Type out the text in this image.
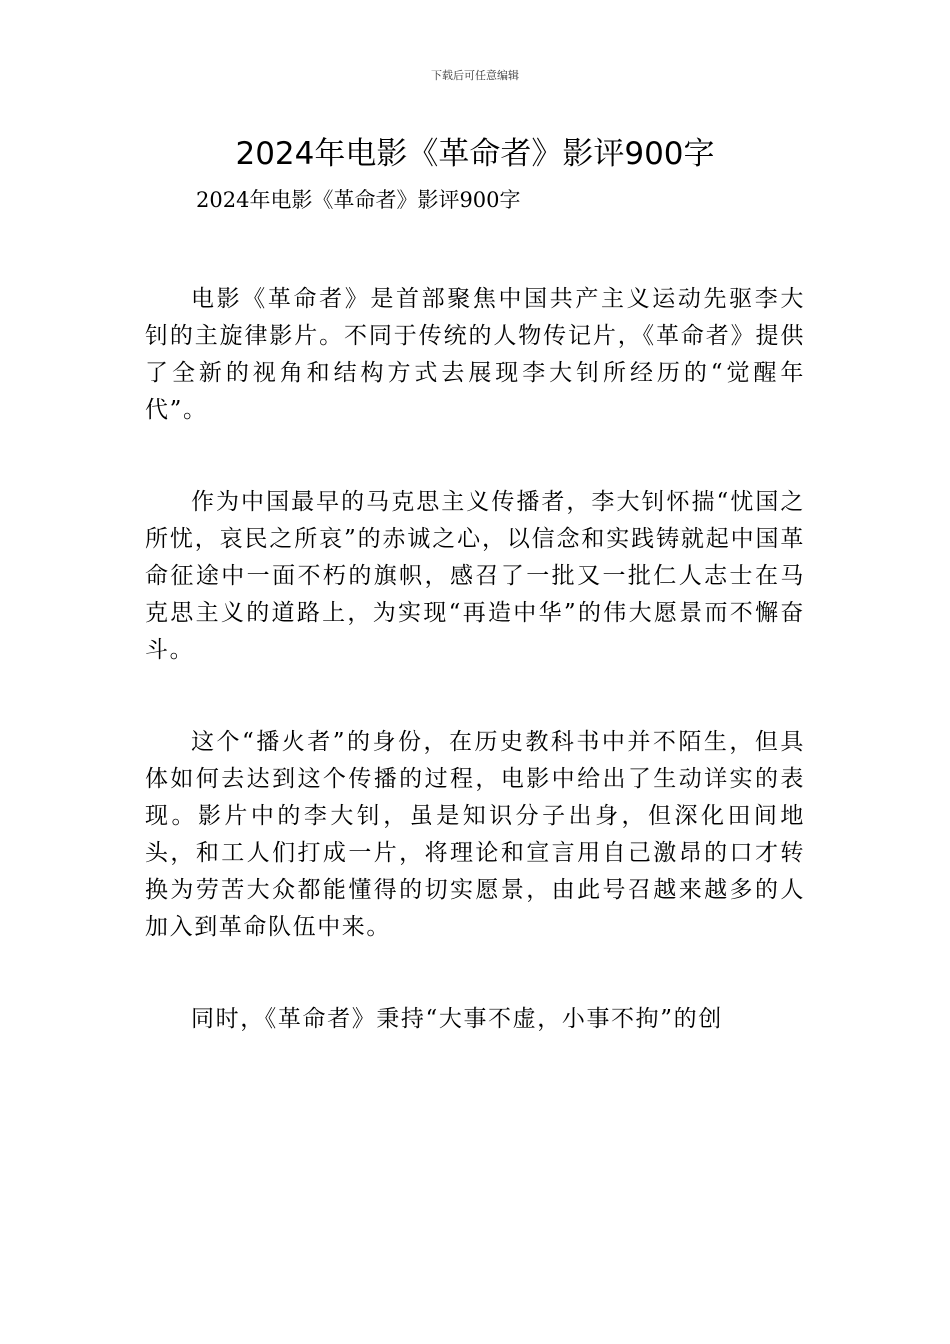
下载后可任意编辑
2024年电影《革命者》影评900字

2024年电影《革命者》影评900字

电影《革命者》是首部聚焦中国共产主义运动先驱李大钊的主旋律影片。不同于传统的人物传记片，《革命者》提供了全新的视角和结构方式去展现李大钊所经历的“觉醒年代”。

作为中国最早的马克思主义传播者，李大钊怀揣“忧国之所忧，哀民之所哀”的赤诚之心，以信念和实践铸就起中国革命征途中一面不朽的旗帜，感召了一批又一批仁人志士在马克思主义的道路上，为实现“再造中华”的伟大愿景而不懈奋斗。

这个“播火者”的身份，在历史教科书中并不陌生，但具体如何去达到这个传播的过程，电影中给出了生动详实的表现。影片中的李大钊，虽是知识分子出身，但深化田间地头，和工人们打成一片，将理论和宣言用自己激昂的口才转换为劳苦大众都能懂得的切实愿景，由此号召越来越多的人加入到革命队伍中来。

同时，《革命者》秉持“大事不虚，小事不拘”的创
